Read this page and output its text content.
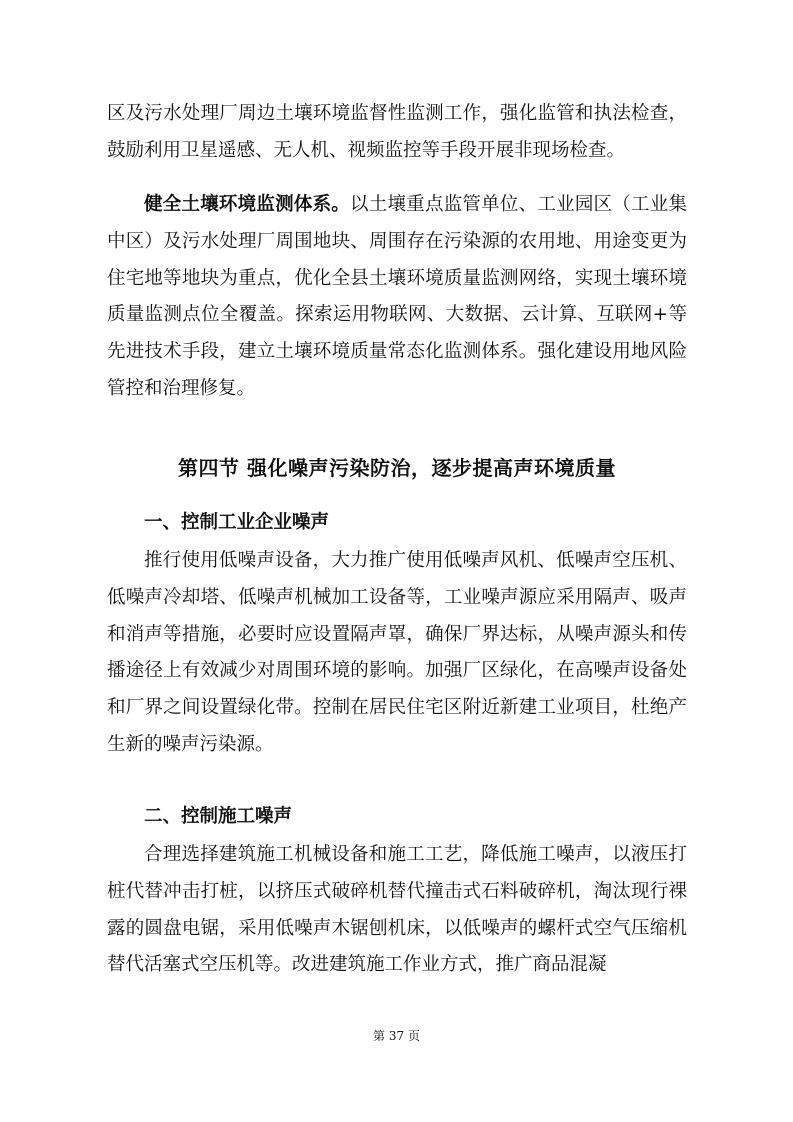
区及污水处理厂周边土壤环境监督性监测工作，强化监管和执法检查，鼓励利用卫星遥感、无人机、视频监控等手段开展非现场检查。

健全土壤环境监测体系。以土壤重点监管单位、工业园区（工业集中区）及污水处理厂周围地块、周围存在污染源的农用地、用途变更为住宅地等地块为重点，优化全县土壤环境质量监测网络，实现土壤环境质量监测点位全覆盖。探索运用物联网、大数据、云计算、互联网+等先进技术手段，建立土壤环境质量常态化监测体系。强化建设用地风险管控和治理修复。

第四节 强化噪声污染防治，逐步提高声环境质量
一、控制工业企业噪声

推行使用低噪声设备，大力推广使用低噪声风机、低噪声空压机、低噪声冷却塔、低噪声机械加工设备等，工业噪声源应采用隔声、吸声和消声等措施，必要时应设置隔声罩，确保厂界达标，从噪声源头和传播途径上有效减少对周围环境的影响。加强厂区绿化，在高噪声设备处和厂界之间设置绿化带。控制在居民住宅区附近新建工业项目，杜绝产生新的噪声污染源。

二、控制施工噪声

合理选择建筑施工机械设备和施工工艺，降低施工噪声，以液压打桩代替冲击打桩，以挤压式破碎机替代撞击式石料破碎机，淘汰现行裸露的圆盘电锯，采用低噪声木锯刨机床，以低噪声的螺杆式空气压缩机替代活塞式空压机等。改进建筑施工作业方式，推广商品混凝

第 37 页
